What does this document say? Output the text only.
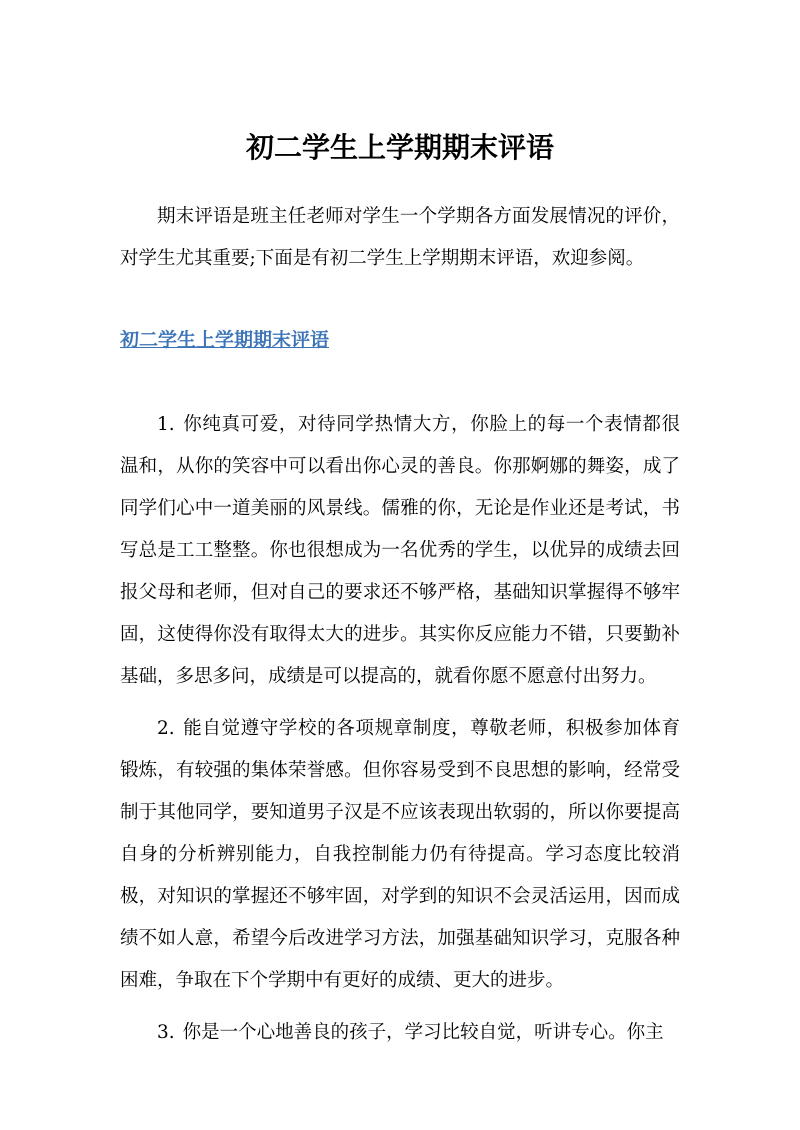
初二学生上学期期末评语

期末评语是班主任老师对学生一个学期各方面发展情况的评价，对学生尤其重要;下面是有初二学生上学期期末评语，欢迎参阅。

初二学生上学期期末评语

1. 你纯真可爱，对待同学热情大方，你脸上的每一个表情都很温和，从你的笑容中可以看出你心灵的善良。你那婀娜的舞姿，成了同学们心中一道美丽的风景线。儒雅的你，无论是作业还是考试，书写总是工工整整。你也很想成为一名优秀的学生，以优异的成绩去回报父母和老师，但对自己的要求还不够严格，基础知识掌握得不够牢固，这使得你没有取得太大的进步。其实你反应能力不错，只要勤补基础，多思多问，成绩是可以提高的，就看你愿不愿意付出努力。

2. 能自觉遵守学校的各项规章制度，尊敬老师，积极参加体育锻炼，有较强的集体荣誉感。但你容易受到不良思想的影响，经常受制于其他同学，要知道男子汉是不应该表现出软弱的，所以你要提高自身的分析辨别能力，自我控制能力仍有待提高。学习态度比较消极，对知识的掌握还不够牢固，对学到的知识不会灵活运用，因而成绩不如人意，希望今后改进学习方法，加强基础知识学习，克服各种困难，争取在下个学期中有更好的成绩、更大的进步。

3. 你是一个心地善良的孩子，学习比较自觉，听讲专心。你主
